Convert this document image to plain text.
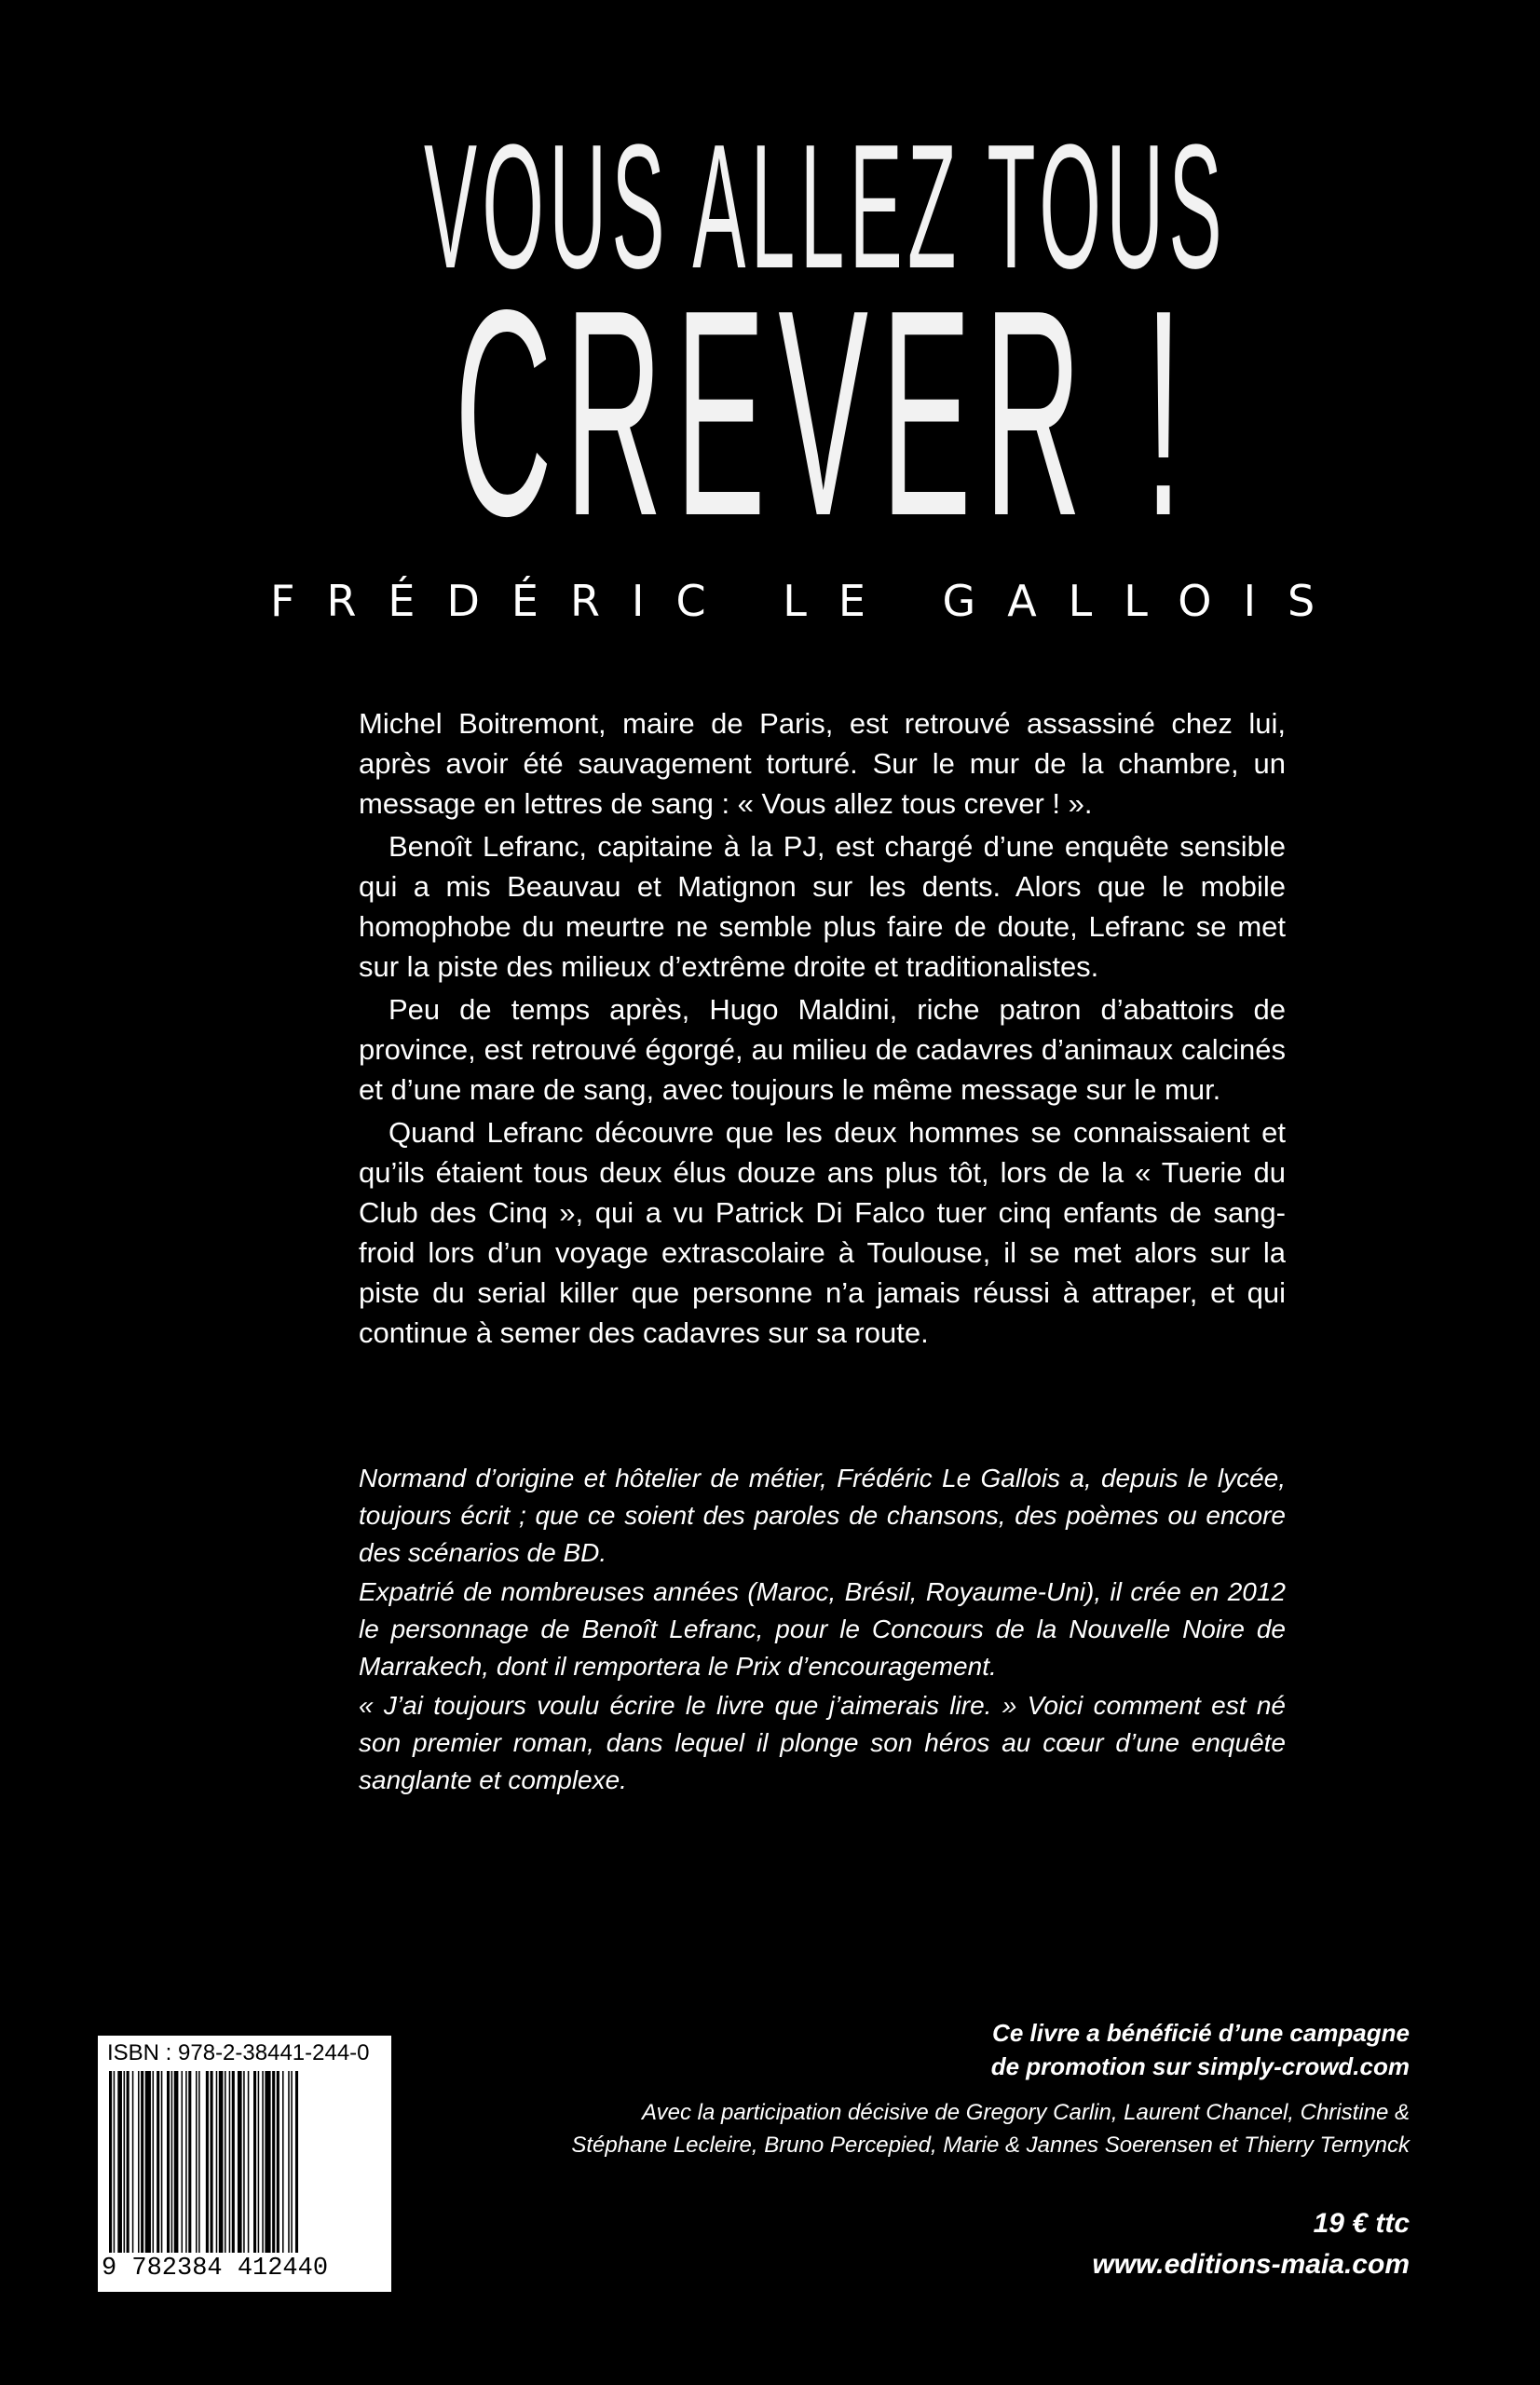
VOUS ALLEZ TOUS
CREVER !
FRÉDÉRIC LE GALLOIS

Michel Boitremont, maire de Paris, est retrouvé assassiné chez lui, après avoir été sauvagement torturé. Sur le mur de la chambre, un message en lettres de sang : « Vous allez tous crever ! ».

Benoît Lefranc, capitaine à la PJ, est chargé d’une enquête sensible qui a mis Beauvau et Matignon sur les dents. Alors que le mobile homophobe du meurtre ne semble plus faire de doute, Lefranc se met sur la piste des milieux d’extrême droite et traditionalistes.

Peu de temps après, Hugo Maldini, riche patron d’abattoirs de province, est retrouvé égorgé, au milieu de cadavres d’animaux calcinés et d’une mare de sang, avec toujours le même message sur le mur.

Quand Lefranc découvre que les deux hommes se connaissaient et qu’ils étaient tous deux élus douze ans plus tôt, lors de la « Tuerie du Club des Cinq », qui a vu Patrick Di Falco tuer cinq enfants de sang-froid lors d’un voyage extrascolaire à Toulouse, il se met alors sur la piste du serial killer que personne n’a jamais réussi à attraper, et qui continue à semer des cadavres sur sa route.

Normand d’origine et hôtelier de métier, Frédéric Le Gallois a, depuis le lycée, toujours écrit ; que ce soient des paroles de chansons, des poèmes ou encore des scénarios de BD.

Expatrié de nombreuses années (Maroc, Brésil, Royaume-Uni), il crée en 2012 le personnage de Benoît Lefranc, pour le Concours de la Nouvelle Noire de Marrakech, dont il remportera le Prix d’encouragement.

« J’ai toujours voulu écrire le livre que j’aimerais lire. » Voici comment est né son premier roman, dans lequel il plonge son héros au cœur d’une enquête sanglante et complexe.

ISBN : 978-2-38441-244-0
9 782384 412440
Ce livre a bénéficié d’une campagne
de promotion sur simply-crowd.com
Avec la participation décisive de Gregory Carlin, Laurent Chancel, Christine &
Stéphane Lecleire, Bruno Percepied, Marie & Jannes Soerensen et Thierry Ternynck
19 € ttc
www.editions-maia.com
